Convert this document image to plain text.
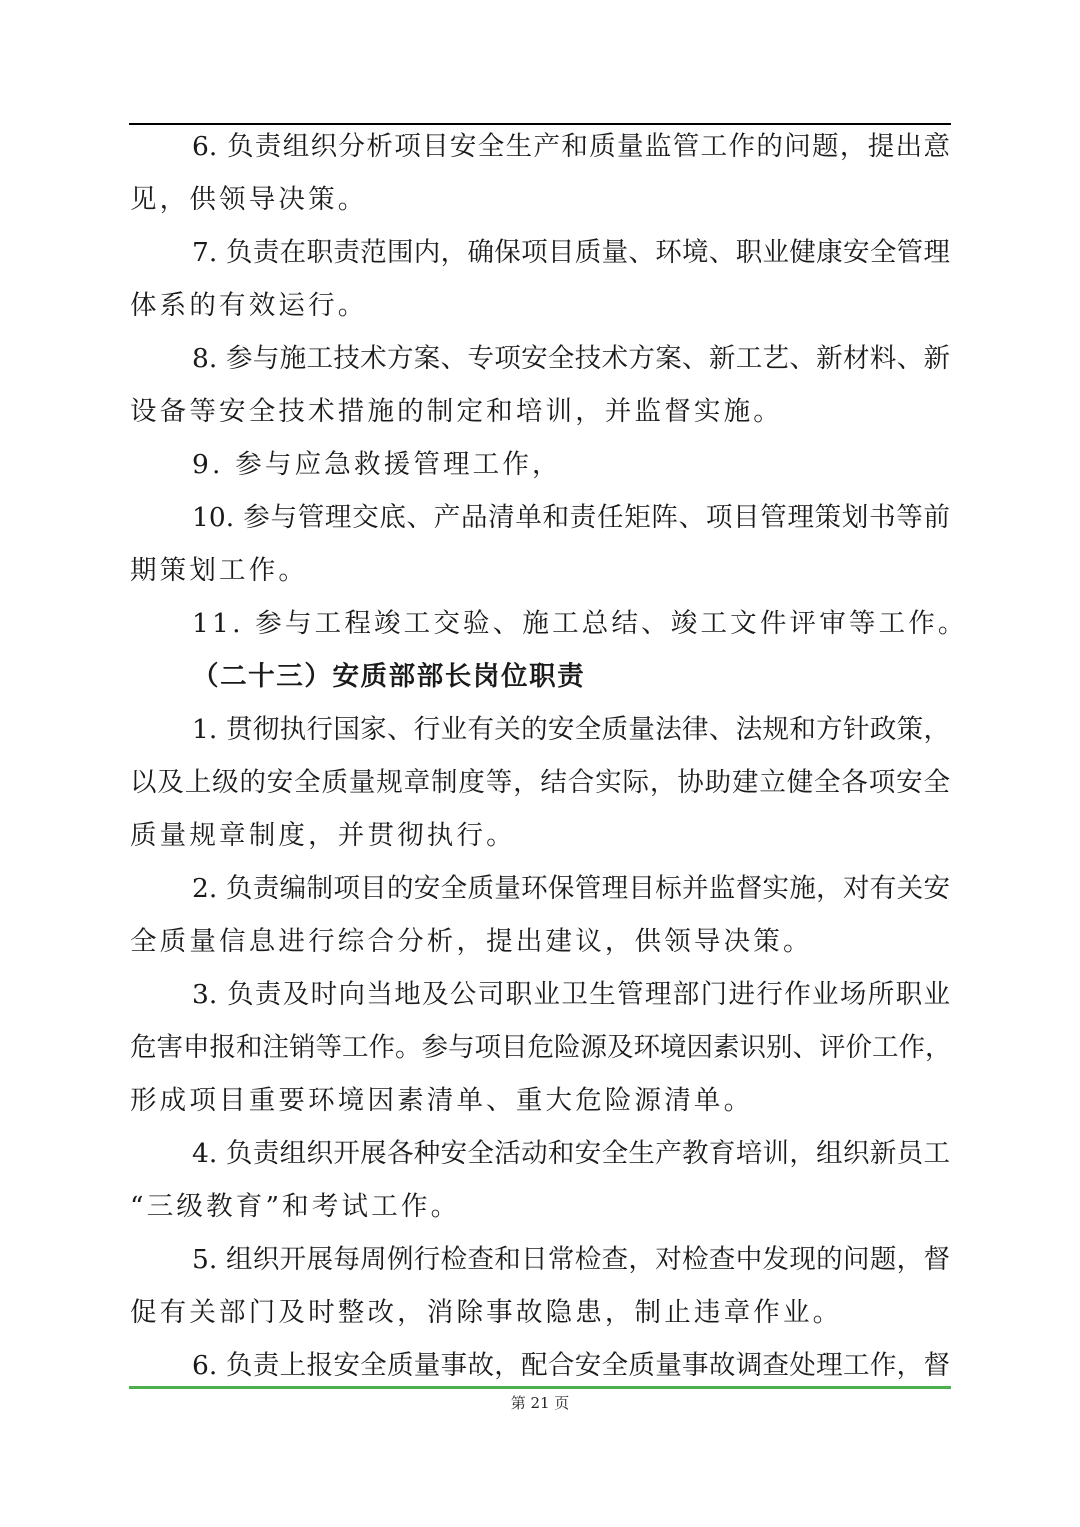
6. 负责组织分析项目安全生产和质量监管工作的问题，提出意
见，供领导决策。
7. 负责在职责范围内，确保项目质量、环境、职业健康安全管理
体系的有效运行。
8. 参与施工技术方案、专项安全技术方案、新工艺、新材料、新
设备等安全技术措施的制定和培训，并监督实施。
9. 参与应急救援管理工作，
10. 参与管理交底、产品清单和责任矩阵、项目管理策划书等前
期策划工作。
11. 参与工程竣工交验、施工总结、竣工文件评审等工作。
（二十三）安质部部长岗位职责
1. 贯彻执行国家、行业有关的安全质量法律、法规和方针政策，
以及上级的安全质量规章制度等，结合实际，协助建立健全各项安全
质量规章制度，并贯彻执行。
2. 负责编制项目的安全质量环保管理目标并监督实施，对有关安
全质量信息进行综合分析，提出建议，供领导决策。
3. 负责及时向当地及公司职业卫生管理部门进行作业场所职业
危害申报和注销等工作。参与项目危险源及环境因素识别、评价工作，
形成项目重要环境因素清单、重大危险源清单。
4. 负责组织开展各种安全活动和安全生产教育培训，组织新员工
“三级教育”和考试工作。
5. 组织开展每周例行检查和日常检查，对检查中发现的问题，督
促有关部门及时整改，消除事故隐患，制止违章作业。
6. 负责上报安全质量事故，配合安全质量事故调查处理工作，督
第 21 页
